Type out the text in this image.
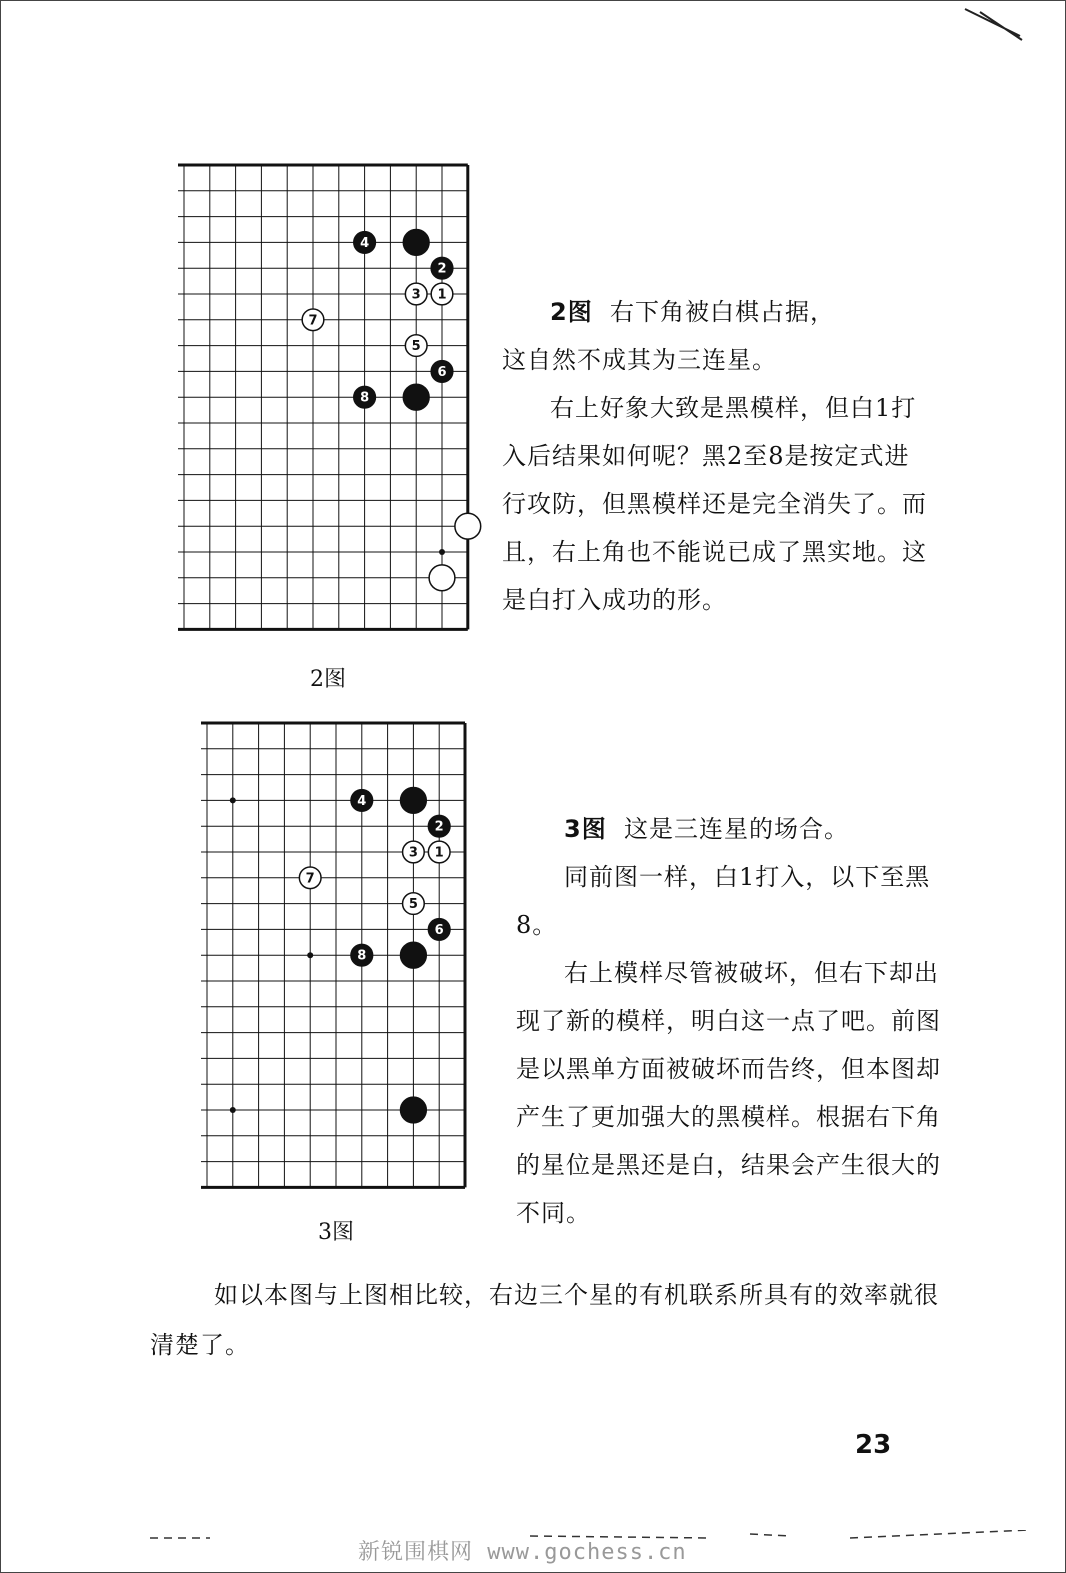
4
2
3 1
7
5
6
8
2图

2图 右下角被白棋占据，

这自然不成其为三连星。

右上好象大致是黑模样，但白1打入后结果如何呢？黑2至8是按定式进行攻防，但黑模样还是完全消失了。而且，右上角也不能说已成了黑实地。这是白打入成功的形。

4
2
3 1
7
5
6
8
3图

3图 这是三连星的场合。

同前图一样，白1打入，以下至黑8。

右上模样尽管被破坏，但右下却出现了新的模样，明白这一点了吧。前图是以黑单方面被破坏而告终，但本图却产生了更加强大的黑模样。根据右下角的星位是黑还是白，结果会产生很大的不同。

如以本图与上图相比较，右边三个星的有机联系所具有的效率就很清楚了。

23
新锐围棋网 www.gochess.cn
